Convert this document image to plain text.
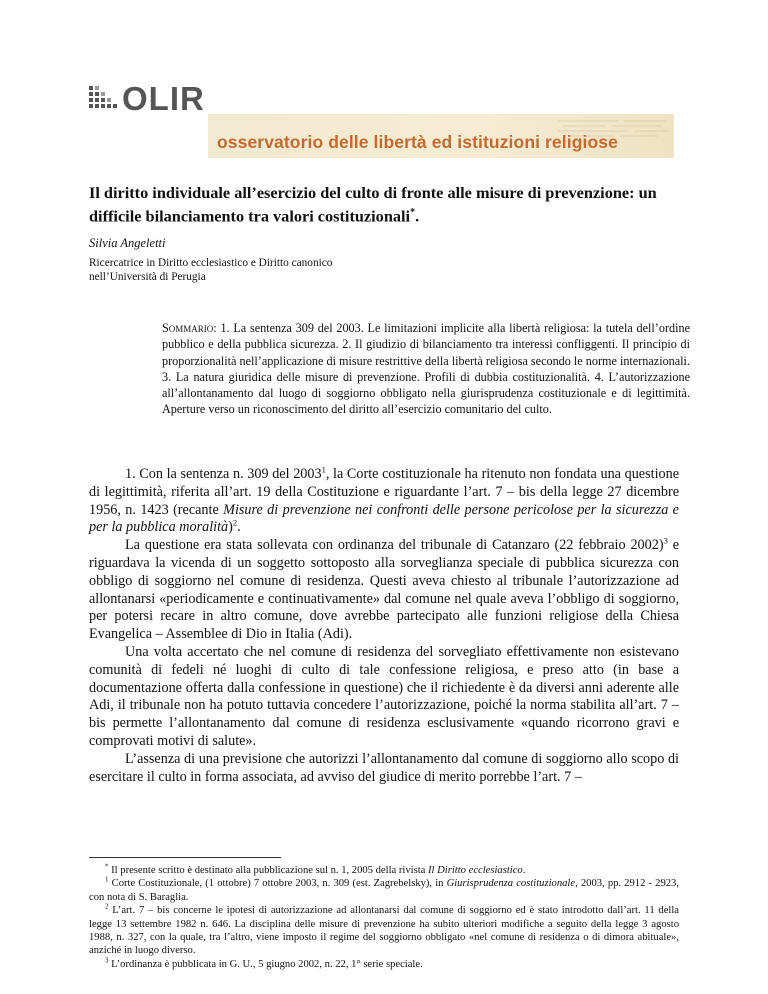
OLIR
osservatorio delle libertà ed istituzioni religiose
Il diritto individuale all’esercizio del culto di fronte alle misure di prevenzione: un difficile bilanciamento tra valori costituzionali*.
Silvia Angeletti
Ricercatrice in Diritto ecclesiastico e Diritto canonico
nell’Università di Perugia
Sommario: 1. La sentenza 309 del 2003. Le limitazioni implicite alla libertà religiosa: la tutela dell’ordine pubblico e della pubblica sicurezza. 2. Il giudizio di bilanciamento tra interessi confliggenti. Il principio di proporzionalità nell’applicazione di misure restrittive della libertà religiosa secondo le norme internazionali. 3. La natura giuridica delle misure di prevenzione. Profili di dubbia costituzionalità. 4. L’autorizzazione all’allontanamento dal luogo di soggiorno obbligato nella giurisprudenza costituzionale e di legittimità. Aperture verso un riconoscimento del diritto all’esercizio comunitario del culto.

1. Con la sentenza n. 309 del 2003$^1$, la Corte costituzionale ha ritenuto non fondata una questione di legittimità, riferita all’art. 19 della Costituzione e riguardante l’art. 7 – bis della legge 27 dicembre 1956, n. 1423 (recante Misure di prevenzione nei confronti delle persone pericolose per la sicurezza e per la pubblica moralità)$^2$.

La questione era stata sollevata con ordinanza del tribunale di Catanzaro (22 febbraio 2002)$^3$ e riguardava la vicenda di un soggetto sottoposto alla sorveglianza speciale di pubblica sicurezza con obbligo di soggiorno nel comune di residenza. Questi aveva chiesto al tribunale l’autorizzazione ad allontanarsi «periodicamente e continuativamente» dal comune nel quale aveva l’obbligo di soggiorno, per potersi recare in altro comune, dove avrebbe partecipato alle funzioni religiose della Chiesa Evangelica – Assemblee di Dio in Italia (Adi).

Una volta accertato che nel comune di residenza del sorvegliato effettivamente non esistevano comunità di fedeli né luoghi di culto di tale confessione religiosa, e preso atto (in base a documentazione offerta dalla confessione in questione) che il richiedente è da diversi anni aderente alle Adi, il tribunale non ha potuto tuttavia concedere l’autorizzazione, poiché la norma stabilita all’art. 7 – bis permette l’allontanamento dal comune di residenza esclusivamente «quando ricorrono gravi e comprovati motivi di salute».

L’assenza di una previsione che autorizzi l’allontanamento dal comune di soggiorno allo scopo di esercitare il culto in forma associata, ad avviso del giudice di merito porrebbe l’art. 7 –

* Il presente scritto è destinato alla pubblicazione sul n. 1, 2005 della rivista Il Diritto ecclesiastico.

$^1$ Corte Costituzionale, (1 ottobre) 7 ottobre 2003, n. 309 (est. Zagrebelsky), in Giurisprudenza costituzionale, 2003, pp. 2912 - 2923, con nota di S. Baraglia.

$^2$ L’art. 7 – bis concerne le ipotesi di autorizzazione ad allontanarsi dal comune di soggiorno ed è stato introdotto dall’art. 11 della legge 13 settembre 1982 n. 646. La disciplina delle misure di prevenzione ha subito ulteriori modifiche a seguito della legge 3 agosto 1988, n. 327, con la quale, tra l’altro, viene imposto il regime del soggiorno obbligato «nel comune di residenza o di dimora abituale», anziché in luogo diverso.

$^3$ L’ordinanza è pubblicata in G. U., 5 giugno 2002, n. 22, 1° serie speciale.
